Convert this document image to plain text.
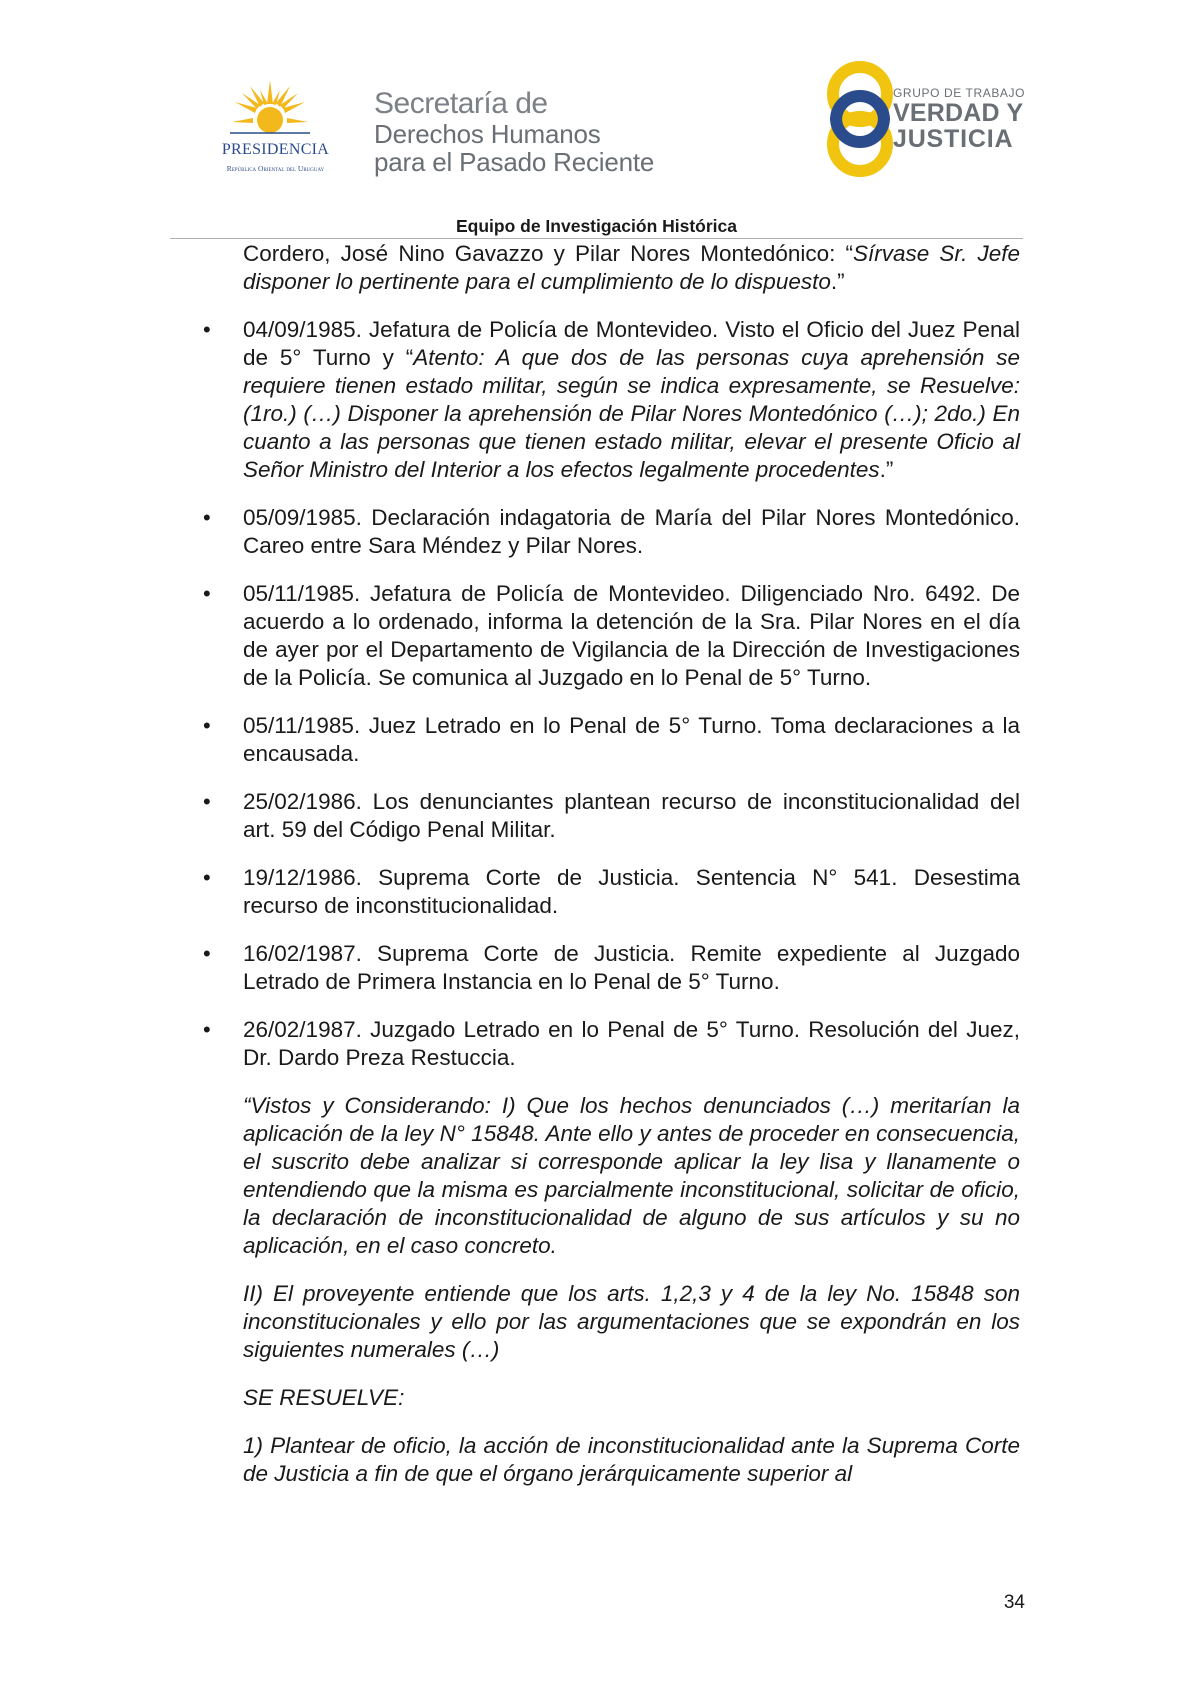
PRESIDENCIA
República Oriental del Uruguay
Secretaría de
Derechos Humanos
para el Pasado Reciente
GRUPO DE TRABAJO
VERDAD Y
JUSTICIA
Equipo de Investigación Histórica

Cordero, José Nino Gavazzo y Pilar Nores Montedónico: “Sírvase Sr. Jefe disponer lo pertinente para el cumplimiento de lo dispuesto.”

• 04/09/1985. Jefatura de Policía de Montevideo. Visto el Oficio del Juez Penal de 5° Turno y “Atento: A que dos de las personas cuya aprehensión se requiere tienen estado militar, según se indica expresamente, se Resuelve: (1ro.) (…) Disponer la aprehensión de Pilar Nores Montedónico (…); 2do.) En cuanto a las personas que tienen estado militar, elevar el presente Oficio al Señor Ministro del Interior a los efectos legalmente procedentes.”

• 05/09/1985. Declaración indagatoria de María del Pilar Nores Montedónico. Careo entre Sara Méndez y Pilar Nores.

• 05/11/1985. Jefatura de Policía de Montevideo. Diligenciado Nro. 6492. De acuerdo a lo ordenado, informa la detención de la Sra. Pilar Nores en el día de ayer por el Departamento de Vigilancia de la Dirección de Investigaciones de la Policía. Se comunica al Juzgado en lo Penal de 5° Turno.

• 05/11/1985. Juez Letrado en lo Penal de 5° Turno. Toma declaraciones a la encausada.

• 25/02/1986. Los denunciantes plantean recurso de inconstitucionalidad del art. 59 del Código Penal Militar.

• 19/12/1986. Suprema Corte de Justicia. Sentencia N° 541. Desestima recurso de inconstitucionalidad.

• 16/02/1987. Suprema Corte de Justicia. Remite expediente al Juzgado Letrado de Primera Instancia en lo Penal de 5° Turno.

• 26/02/1987. Juzgado Letrado en lo Penal de 5° Turno. Resolución del Juez, Dr. Dardo Preza Restuccia.

“Vistos y Considerando: I) Que los hechos denunciados (…) meritarían la aplicación de la ley N° 15848. Ante ello y antes de proceder en consecuencia, el suscrito debe analizar si corresponde aplicar la ley lisa y llanamente o entendiendo que la misma es parcialmente inconstitucional, solicitar de oficio, la declaración de inconstitucionalidad de alguno de sus artículos y su no aplicación, en el caso concreto.

II) El proveyente entiende que los arts. 1,2,3 y 4 de la ley No. 15848 son inconstitucionales y ello por las argumentaciones que se expondrán en los siguientes numerales (…)

SE RESUELVE:

1) Plantear de oficio, la acción de inconstitucionalidad ante la Suprema Corte de Justicia a fin de que el órgano jerárquicamente superior al

34
